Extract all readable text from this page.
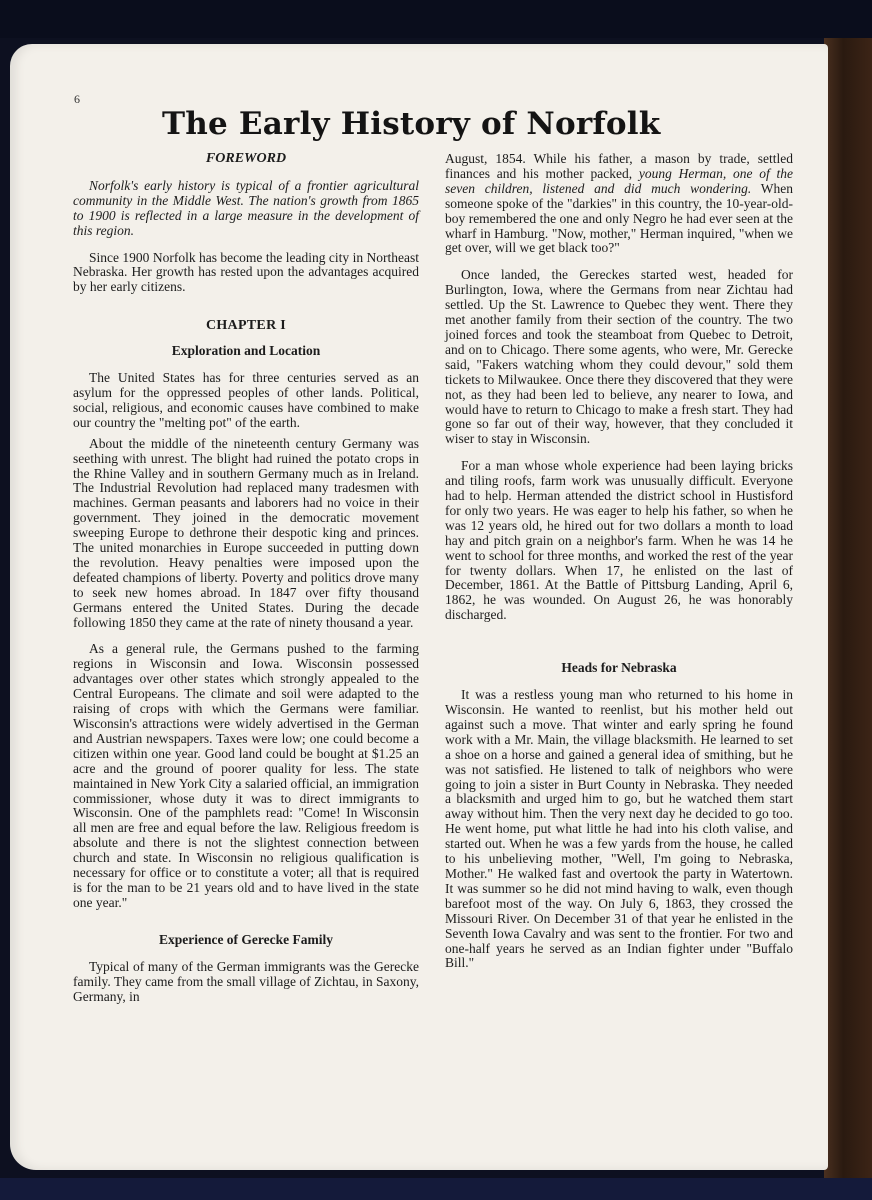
6
The Early History of Norfolk
FOREWORD

Norfolk's early history is typical of a frontier agricultural community in the Middle West. The nation's growth from 1865 to 1900 is reflected in a large measure in the development of this region.

Since 1900 Norfolk has become the leading city in Northeast Nebraska. Her growth has rested upon the advantages acquired by her early citizens.

CHAPTER I
Exploration and Location

The United States has for three centuries served as an asylum for the oppressed peoples of other lands. Political, social, religious, and economic causes have combined to make our country the "melting pot" of the earth.

About the middle of the nineteenth century Germany was seething with unrest. The blight had ruined the potato crops in the Rhine Valley and in southern Germany much as in Ireland. The Industrial Revolution had replaced many tradesmen with machines. German peasants and laborers had no voice in their government. They joined in the democratic movement sweeping Europe to dethrone their despotic king and princes. The united monarchies in Europe succeeded in putting down the revolution. Heavy penalties were imposed upon the defeated champions of liberty. Poverty and politics drove many to seek new homes abroad. In 1847 over fifty thousand Germans entered the United States. During the decade following 1850 they came at the rate of ninety thousand a year.

As a general rule, the Germans pushed to the farming regions in Wisconsin and Iowa. Wisconsin possessed advantages over other states which strongly appealed to the Central Europeans. The climate and soil were adapted to the raising of crops with which the Germans were familiar. Wisconsin's attractions were widely advertised in the German and Austrian newspapers. Taxes were low; one could become a citizen within one year. Good land could be bought at $1.25 an acre and the ground of poorer quality for less. The state maintained in New York City a salaried official, an immigration commissioner, whose duty it was to direct immigrants to Wisconsin. One of the pamphlets read: "Come! In Wisconsin all men are free and equal before the law. Religious freedom is absolute and there is not the slightest connection between church and state. In Wisconsin no religious qualification is necessary for office or to constitute a voter; all that is required is for the man to be 21 years old and to have lived in the state one year."

Experience of Gerecke Family

Typical of many of the German immigrants was the Gerecke family. They came from the small village of Zichtau, in Saxony, Germany, in

August, 1854. While his father, a mason by trade, settled finances and his mother packed, young Herman, one of the seven children, listened and did much wondering. When someone spoke of the "darkies" in this country, the 10-year-old-boy remembered the one and only Negro he had ever seen at the wharf in Hamburg. "Now, mother," Herman inquired, "when we get over, will we get black too?"

Once landed, the Gereckes started west, headed for Burlington, Iowa, where the Germans from near Zichtau had settled. Up the St. Lawrence to Quebec they went. There they met another family from their section of the country. The two joined forces and took the steamboat from Quebec to Detroit, and on to Chicago. There some agents, who were, Mr. Gerecke said, "Fakers watching whom they could devour," sold them tickets to Milwaukee. Once there they discovered that they were not, as they had been led to believe, any nearer to Iowa, and would have to return to Chicago to make a fresh start. They had gone so far out of their way, however, that they concluded it wiser to stay in Wisconsin.

For a man whose whole experience had been laying bricks and tiling roofs, farm work was unusually difficult. Everyone had to help. Herman attended the district school in Hustisford for only two years. He was eager to help his father, so when he was 12 years old, he hired out for two dollars a month to load hay and pitch grain on a neighbor's farm. When he was 14 he went to school for three months, and worked the rest of the year for twenty dollars. When 17, he enlisted on the last of December, 1861. At the Battle of Pittsburg Landing, April 6, 1862, he was wounded. On August 26, he was honorably discharged.

Heads for Nebraska

It was a restless young man who returned to his home in Wisconsin. He wanted to reenlist, but his mother held out against such a move. That winter and early spring he found work with a Mr. Main, the village blacksmith. He learned to set a shoe on a horse and gained a general idea of smithing, but he was not satisfied. He listened to talk of neighbors who were going to join a sister in Burt County in Nebraska. They needed a blacksmith and urged him to go, but he watched them start away without him. Then the very next day he decided to go too. He went home, put what little he had into his cloth valise, and started out. When he was a few yards from the house, he called to his unbelieving mother, "Well, I'm going to Nebraska, Mother." He walked fast and overtook the party in Watertown. It was summer so he did not mind having to walk, even though barefoot most of the way. On July 6, 1863, they crossed the Missouri River. On December 31 of that year he enlisted in the Seventh Iowa Cavalry and was sent to the frontier. For two and one-half years he served as an Indian fighter under "Buffalo Bill."
